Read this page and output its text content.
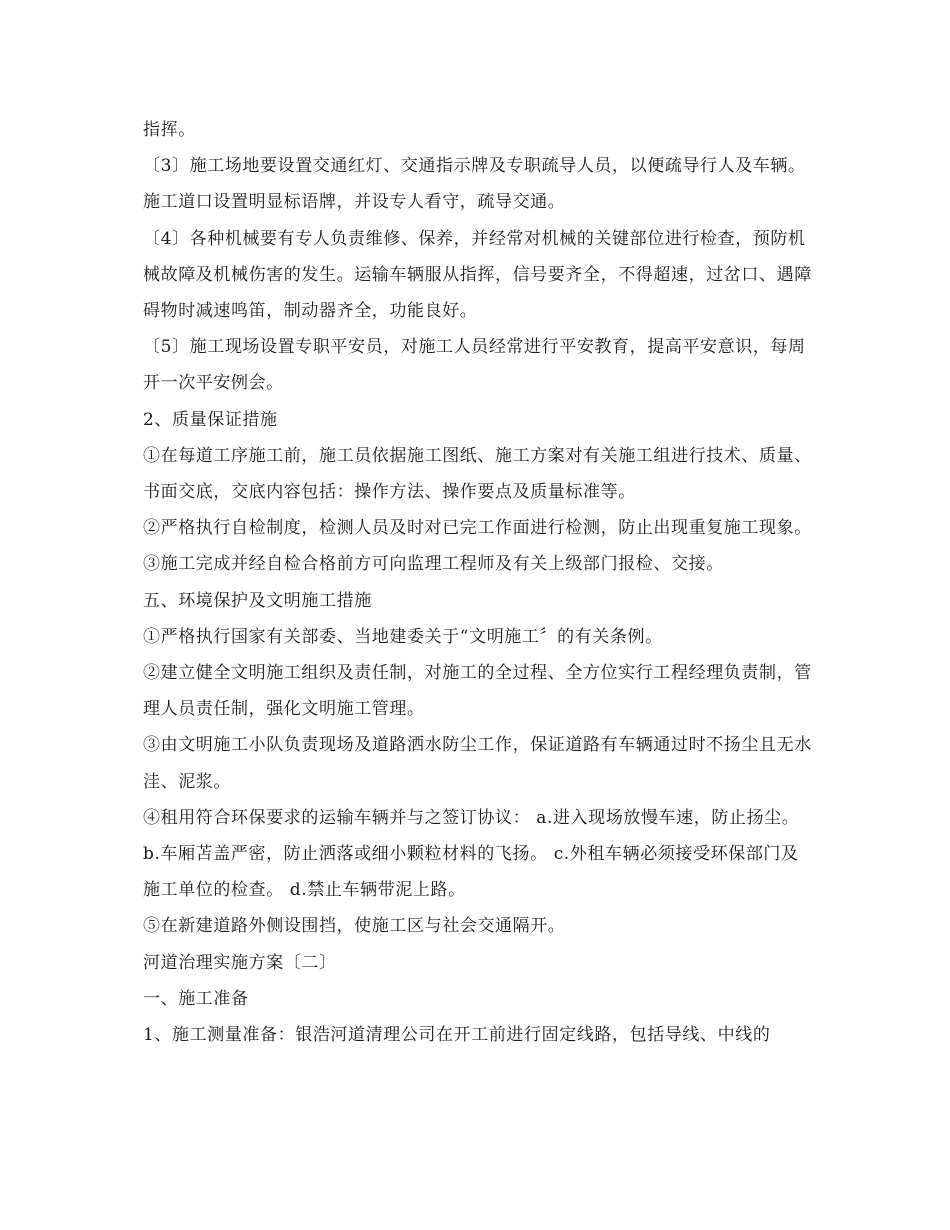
指挥。

〔3〕施工场地要设置交通红灯、交通指示牌及专职疏导人员，以便疏导行人及车辆。施工道口设置明显标语牌，并设专人看守，疏导交通。

〔4〕各种机械要有专人负责维修、保养，并经常对机械的关键部位进行检查，预防机械故障及机械伤害的发生。运输车辆服从指挥，信号要齐全，不得超速，过岔口、遇障碍物时减速鸣笛，制动器齐全，功能良好。

〔5〕施工现场设置专职平安员，对施工人员经常进行平安教育，提高平安意识，每周开一次平安例会。

2、质量保证措施

①在每道工序施工前，施工员依据施工图纸、施工方案对有关施工组进行技术、质量、书面交底，交底内容包括：操作方法、操作要点及质量标准等。

②严格执行自检制度，检测人员及时对已完工作面进行检测，防止出现重复施工现象。③施工完成并经自检合格前方可向监理工程师及有关上级部门报检、交接。

五、环境保护及文明施工措施

①严格执行国家有关部委、当地建委关于“文明施工〞的有关条例。

②建立健全文明施工组织及责任制，对施工的全过程、全方位实行工程经理负责制，管理人员责任制，强化文明施工管理。

③由文明施工小队负责现场及道路洒水防尘工作，保证道路有车辆通过时不扬尘且无水洼、泥浆。

④租用符合环保要求的运输车辆并与之签订协议： a.进入现场放慢车速，防止扬尘。b.车厢苫盖严密，防止洒落或细小颗粒材料的飞扬。 c.外租车辆必须接受环保部门及施工单位的检查。 d.禁止车辆带泥上路。

⑤在新建道路外侧设围挡，使施工区与社会交通隔开。

河道治理实施方案〔二〕

一、施工准备

1、施工测量准备：银浩河道清理公司在开工前进行固定线路，包括导线、中线的
